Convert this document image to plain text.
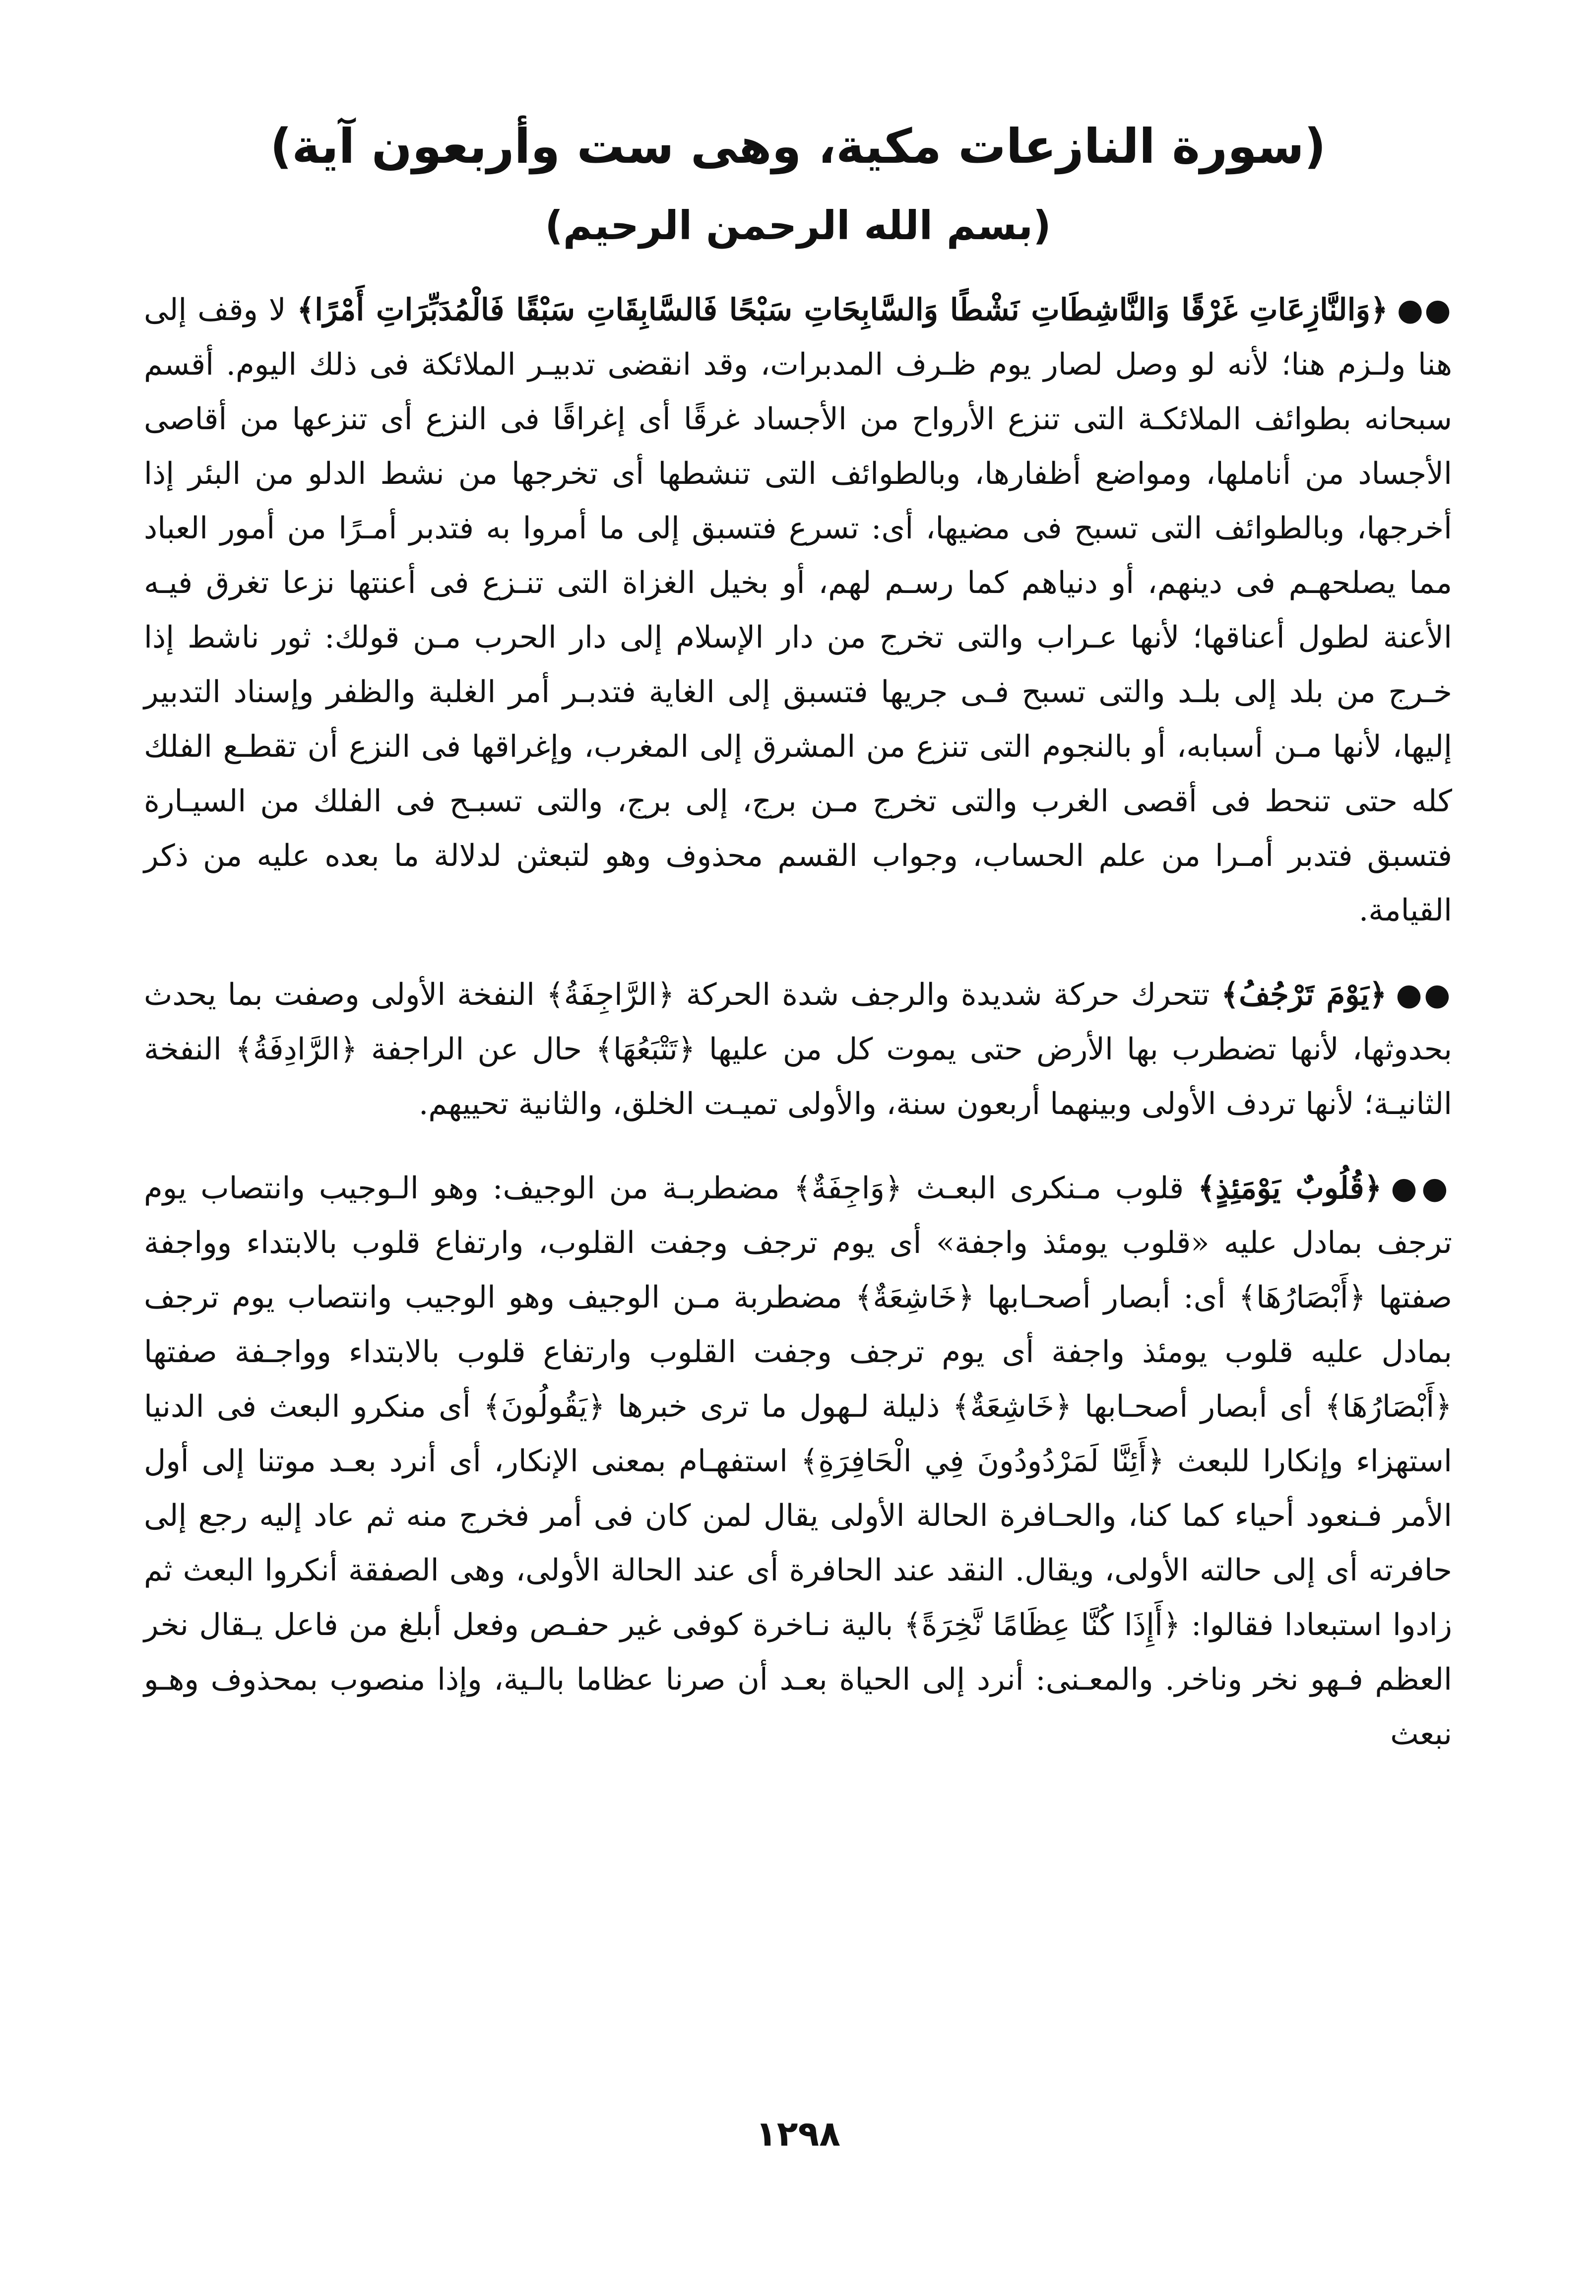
(سورة النازعات مكية، وهى ست وأربعون آية)
(بسم الله الرحمن الرحيم)

●●﴿وَالنَّازِعَاتِ غَرْقًا وَالنَّاشِطَاتِ نَشْطًا وَالسَّابِحَاتِ سَبْحًا فَالسَّابِقَاتِ سَبْقًا فَالْمُدَبِّرَاتِ أَمْرًا﴾ لا وقف إلى هنا ولـزم هنا؛ لأنه لو وصل لصار يوم ظـرف المدبرات، وقد انقضى تدبيـر الملائكة فى ذلك اليوم. أقسم سبحانه بطوائف الملائكـة التى تنزع الأرواح من الأجساد غرقًا أى إغراقًا فى النزع أى تنزعها من أقاصى الأجساد من أناملها، ومواضع أظفارها، وبالطوائف التى تنشطها أى تخرجها من نشط الدلو من البئر إذا أخرجها، وبالطوائف التى تسبح فى مضيها، أى: تسرع فتسبق إلى ما أمروا به فتدبر أمـرًا من أمور العباد مما يصلحهـم فى دينهم، أو دنياهم كما رسـم لهم، أو بخيل الغزاة التى تنـزع فى أعنتها نزعا تغرق فيـه الأعنة لطول أعناقها؛ لأنها عـراب والتى تخرج من دار الإسلام إلى دار الحرب مـن قولك: ثور ناشط إذا خـرج من بلد إلى بلـد والتى تسبح فـى جريها فتسبق إلى الغاية فتدبـر أمر الغلبة والظفر وإسناد التدبير إليها، لأنها مـن أسبابه، أو بالنجوم التى تنزع من المشرق إلى المغرب، وإغراقها فى النزع أن تقطـع الفلك كله حتى تنحط فى أقصى الغرب والتى تخرج مـن برج، إلى برج، والتى تسبـح فى الفلك من السيـارة فتسبق فتدبر أمـرا من علم الحساب، وجواب القسم محذوف وهو لتبعثن لدلالة ما بعده عليه من ذكر القيامة.

●●﴿يَوْمَ تَرْجُفُ﴾ تتحرك حركة شديدة والرجف شدة الحركة ﴿الرَّاجِفَةُ﴾ النفخة الأولى وصفت بما يحدث بحدوثها، لأنها تضطرب بها الأرض حتى يموت كل من عليها ﴿تَتْبَعُهَا﴾ حال عن الراجفة ﴿الرَّادِفَةُ﴾ النفخة الثانيـة؛ لأنها تردف الأولى وبينهما أربعون سنة، والأولى تميـت الخلق، والثانية تحييهم.

●●﴿قُلُوبٌ يَوْمَئِذٍ﴾ قلوب مـنكرى البعـث ﴿وَاجِفَةٌ﴾ مضطربـة من الوجيف: وهو الـوجيب وانتصاب يوم ترجف بمادل عليه «قلوب يومئذ واجفة» أى يوم ترجف وجفت القلوب، وارتفاع قلوب بالابتداء وواجفة صفتها ﴿أَبْصَارُهَا﴾ أى: أبصار أصحـابها ﴿خَاشِعَةٌ﴾ مضطربة مـن الوجيف وهو الوجيب وانتصاب يوم ترجف بمادل عليه قلوب يومئذ واجفة أى يوم ترجف وجفت القلوب وارتفاع قلوب بالابتداء وواجـفة صفتها ﴿أَبْصَارُهَا﴾ أى أبصار أصحـابها ﴿خَاشِعَةٌ﴾ ذليلة لـهول ما ترى خبرها ﴿يَقُولُونَ﴾ أى منكرو البعث فى الدنيا استهزاء وإنكارا للبعث ﴿أَئِنَّا لَمَرْدُودُونَ فِي الْحَافِرَةِ﴾ استفهـام بمعنى الإنكار، أى أنرد بعـد موتنا إلى أول الأمر فـنعود أحياء كما كنا، والحـافرة الحالة الأولى يقال لمن كان فى أمر فخرج منه ثم عاد إليه رجع إلى حافرته أى إلى حالته الأولى، ويقال. النقد عند الحافرة أى عند الحالة الأولى، وهى الصفقة أنكروا البعث ثم زادوا استبعادا فقالوا: ﴿أَإِذَا كُنَّا عِظَامًا نَّخِرَةً﴾ بالية نـاخرة كوفى غير حفـص وفعل أبلغ من فاعل يـقال نخر العظم فـهو نخر وناخر. والمعـنى: أنرد إلى الحياة بعـد أن صرنا عظاما بالـية، وإذا منصوب بمحذوف وهـو نبعث

١٢٩٨
